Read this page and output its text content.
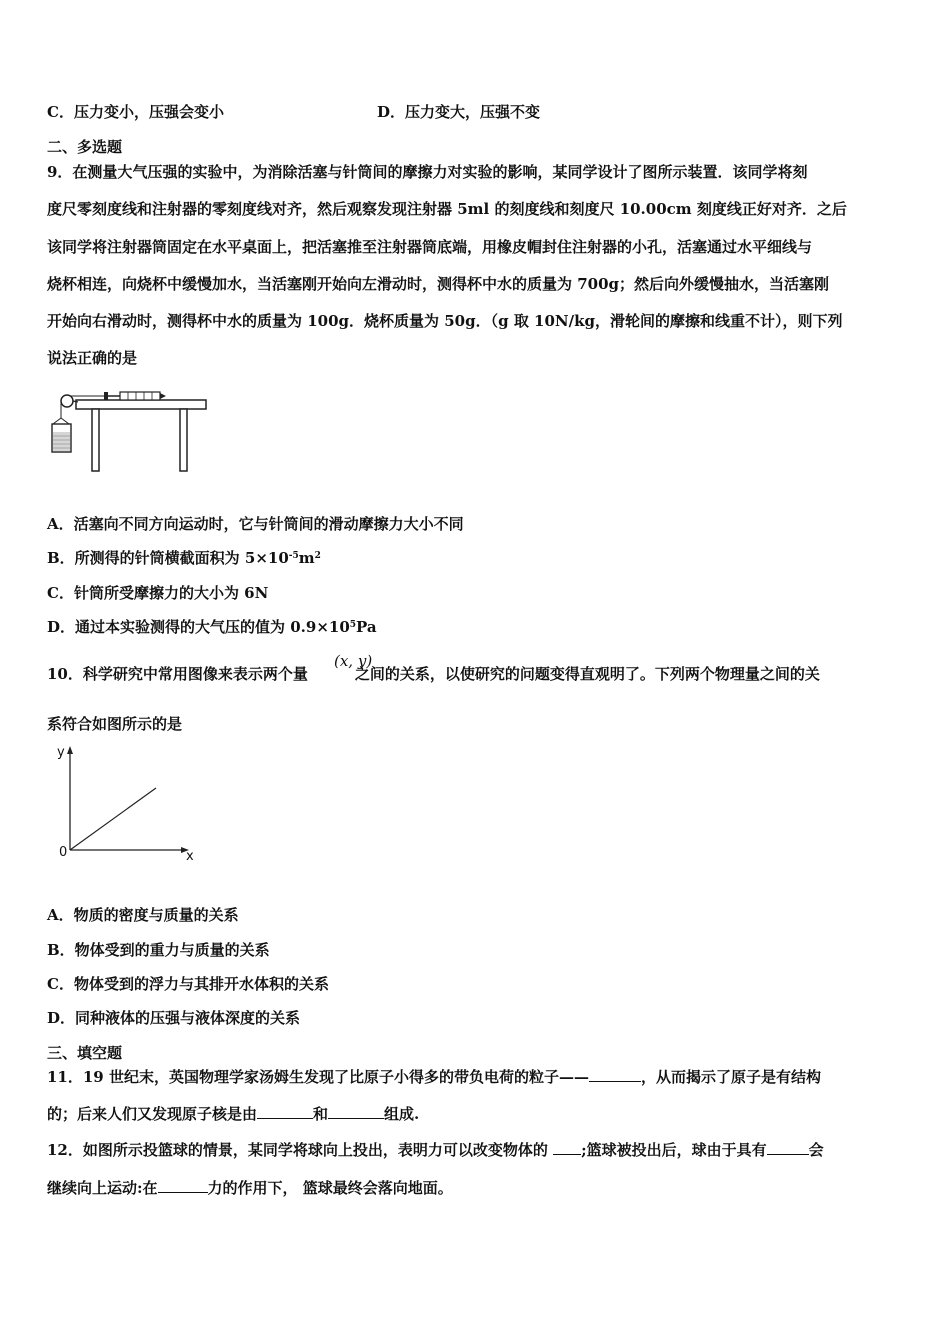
C．压力变小，压强会变小	D．压力变大，压强不变
二、多选题
9．在测量大气压强的实验中，为消除活塞与针筒间的摩擦力对实验的影响，某同学设计了图所示装置．该同学将刻
度尺零刻度线和注射器的零刻度线对齐，然后观察发现注射器 5ml 的刻度线和刻度尺 10.00cm 刻度线正好对齐．之后
该同学将注射器筒固定在水平桌面上，把活塞推至注射器筒底端，用橡皮帽封住注射器的小孔，活塞通过水平细线与
烧杯相连，向烧杯中缓慢加水，当活塞刚开始向左滑动时，测得杯中水的质量为 700g；然后向外缓慢抽水，当活塞刚
开始向右滑动时，测得杯中水的质量为 100g．烧杯质量为 50g．（g 取 10N/kg，滑轮间的摩擦和线重不计），则下列
说法正确的是
A．活塞向不同方向运动时，它与针筒间的滑动摩擦力大小不同
B．所测得的针筒横截面积为 $5\times 10^{-5}m^2$
C．针筒所受摩擦力的大小为 6N
D．通过本实验测得的大气压的值为 $0.9\times 10^5Pa$
10．科学研究中常用图像来表示两个量	之间的关系，以使研究的问题变得直观明了。下列两个物理量之间的关
(x, y)
系符合如图所示的是
y
x
0
A．物质的密度与质量的关系
B．物体受到的重力与质量的关系
C．物体受到的浮力与其排开水体积的关系
D．同种液体的压强与液体深度的关系
三、填空题
11．19 世纪末，英国物理学家汤姆生发现了比原子小得多的带负电荷的粒子——	，从而揭示了原子是有结构
的；后来人们又发现原子核是由	和	组成.
12．如图所示投篮球的情景，某同学将球向上投出，表明力可以改变物体的 ;篮球被投出后，球由于具有	会
继续向上运动:在	力的作用下， 篮球最终会落向地面。
